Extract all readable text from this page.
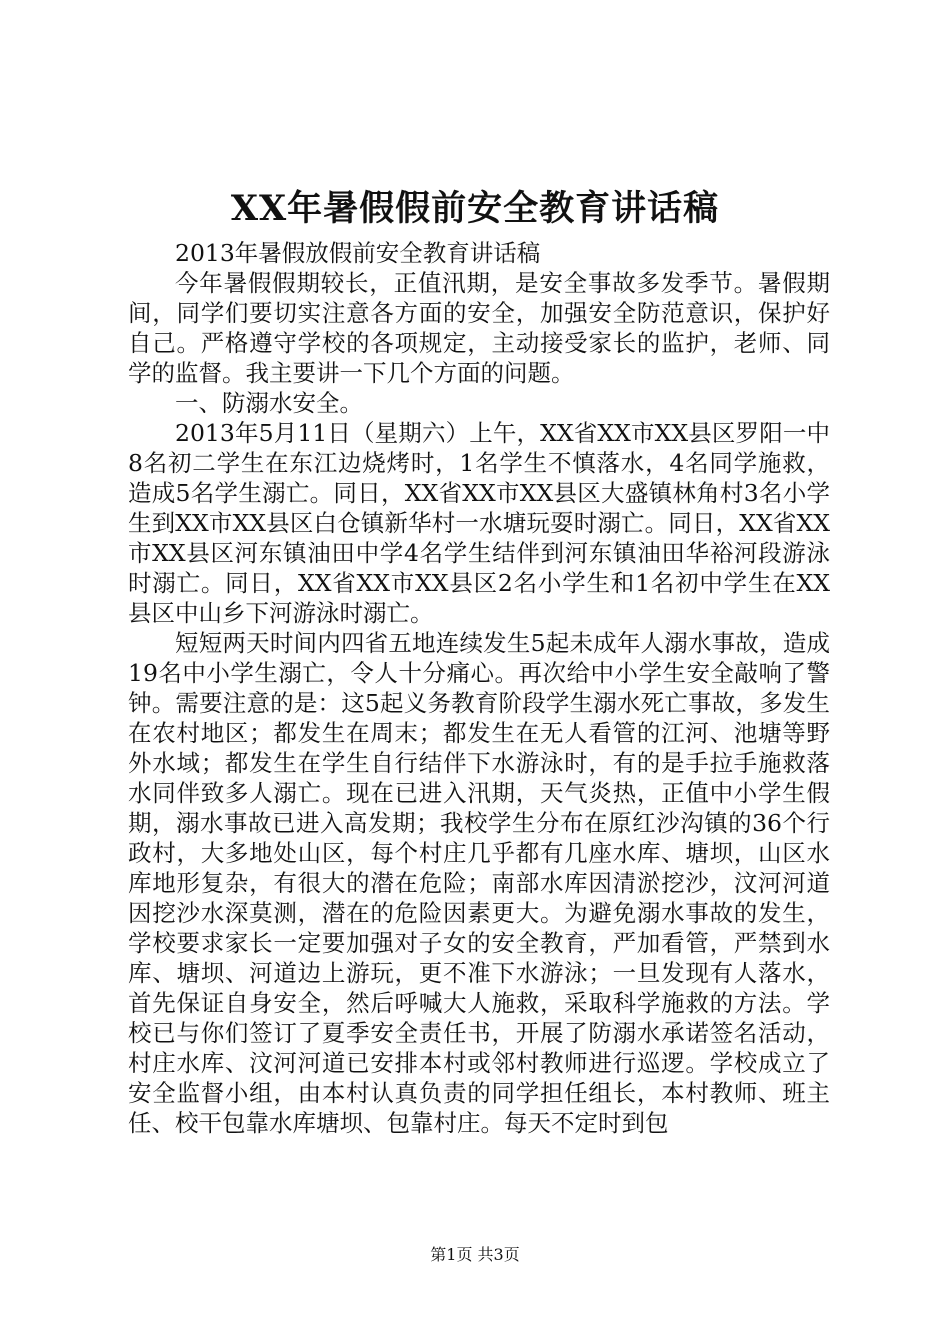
XX年暑假假前安全教育讲话稿

2013年暑假放假前安全教育讲话稿

今年暑假假期较长，正值汛期，是安全事故多发季节。暑假期间，同学们要切实注意各方面的安全，加强安全防范意识，保护好自己。严格遵守学校的各项规定，主动接受家长的监护，老师、同学的监督。我主要讲一下几个方面的问题。

一、防溺水安全。

2013年5月11日（星期六）上午，XX省XX市XX县区罗阳一中8名初二学生在东江边烧烤时，1名学生不慎落水，4名同学施救，造成5名学生溺亡。同日，XX省XX市XX县区大盛镇林角村3名小学生到XX市XX县区白仓镇新华村一水塘玩耍时溺亡。同日，XX省XX市XX县区河东镇油田中学4名学生结伴到河东镇油田华裕河段游泳时溺亡。同日，XX省XX市XX县区2名小学生和1名初中学生在XX县区中山乡下河游泳时溺亡。

短短两天时间内四省五地连续发生5起未成年人溺水事故，造成19名中小学生溺亡，令人十分痛心。再次给中小学生安全敲响了警钟。需要注意的是：这5起义务教育阶段学生溺水死亡事故，多发生在农村地区；都发生在周末；都发生在无人看管的江河、池塘等野外水域；都发生在学生自行结伴下水游泳时，有的是手拉手施救落水同伴致多人溺亡。现在已进入汛期，天气炎热，正值中小学生假期，溺水事故已进入高发期；我校学生分布在原红沙沟镇的36个行政村，大多地处山区，每个村庄几乎都有几座水库、塘坝，山区水库地形复杂，有很大的潜在危险；南部水库因清淤挖沙，汶河河道因挖沙水深莫测，潜在的危险因素更大。为避免溺水事故的发生，学校要求家长一定要加强对子女的安全教育，严加看管，严禁到水库、塘坝、河道边上游玩，更不准下水游泳；一旦发现有人落水，首先保证自身安全，然后呼喊大人施救，采取科学施救的方法。学校已与你们签订了夏季安全责任书，开展了防溺水承诺签名活动，村庄水库、汶河河道已安排本村或邻村教师进行巡逻。学校成立了安全监督小组，由本村认真负责的同学担任组长，本村教师、班主任、校干包靠水库塘坝、包靠村庄。每天不定时到包

第1页 共3页
